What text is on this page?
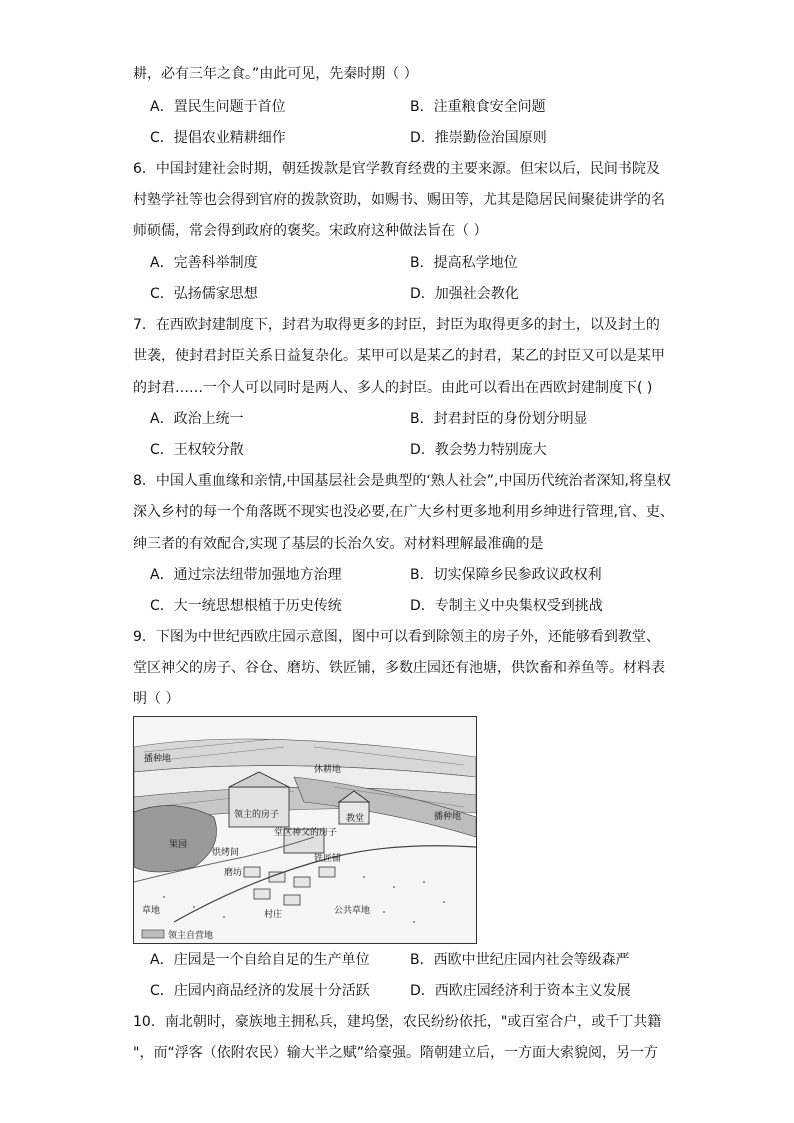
耕，必有三年之食。”由此可见，先秦时期（ ）
A．置民生问题于首位	B．注重粮食安全问题
C．提倡农业精耕细作	D．推崇勤俭治国原则
6．中国封建社会时期，朝廷拨款是官学教育经费的主要来源。但宋以后，民间书院及
村塾学社等也会得到官府的拨款资助，如赐书、赐田等，尤其是隐居民间聚徒讲学的名
师硕儒，常会得到政府的褒奖。宋政府这种做法旨在（ ）
A．完善科举制度	B．提高私学地位
C．弘扬儒家思想	D．加强社会教化
7．在西欧封建制度下，封君为取得更多的封臣，封臣为取得更多的封土，以及封土的
世袭，使封君封臣关系日益复杂化。某甲可以是某乙的封君，某乙的封臣又可以是某甲
的封君……一个人可以同时是两人、多人的封臣。由此可以看出在西欧封建制度下( )
A．政治上统一	B．封君封臣的身份划分明显
C．王权较分散	D．教会势力特别庞大
8．中国人重血缘和亲情,中国基层社会是典型的‘熟人社会”,中国历代统治者深知,将皇权
深入乡村的每一个角落既不现实也没必要,在广大乡村更多地利用乡绅进行管理,官、吏、
绅三者的有效配合,实现了基层的长治久安。对材料理解最准确的是
A．通过宗法纽带加强地方治理	B．切实保障乡民参政议政权利
C．大一统思想根植于历史传统	D．专制主义中央集权受到挑战
9．下图为中世纪西欧庄园示意图，图中可以看到除领主的房子外，还能够看到教堂、
堂区神父的房子、谷仓、磨坊、铁匠铺，多数庄园还有池塘，供饮畜和养鱼等。材料表
明（ ）
播种地
休耕地
播种地
领主的房子	教堂
堂区神父的房子
果园
烘烤间
铁匠铺
磨坊
村庄
草地	公共草地
领主自营地
A．庄园是一个自给自足的生产单位	B．西欧中世纪庄园内社会等级森严
C．庄园内商品经济的发展十分活跃	D．西欧庄园经济利于资本主义发展
10．南北朝时，豪族地主拥私兵，建坞堡，农民纷纷依托，"或百室合户，或千丁共籍
"，而“浮客（依附农民）输大半之赋”给豪强。隋朝建立后，一方面大索貌阅，另一方
